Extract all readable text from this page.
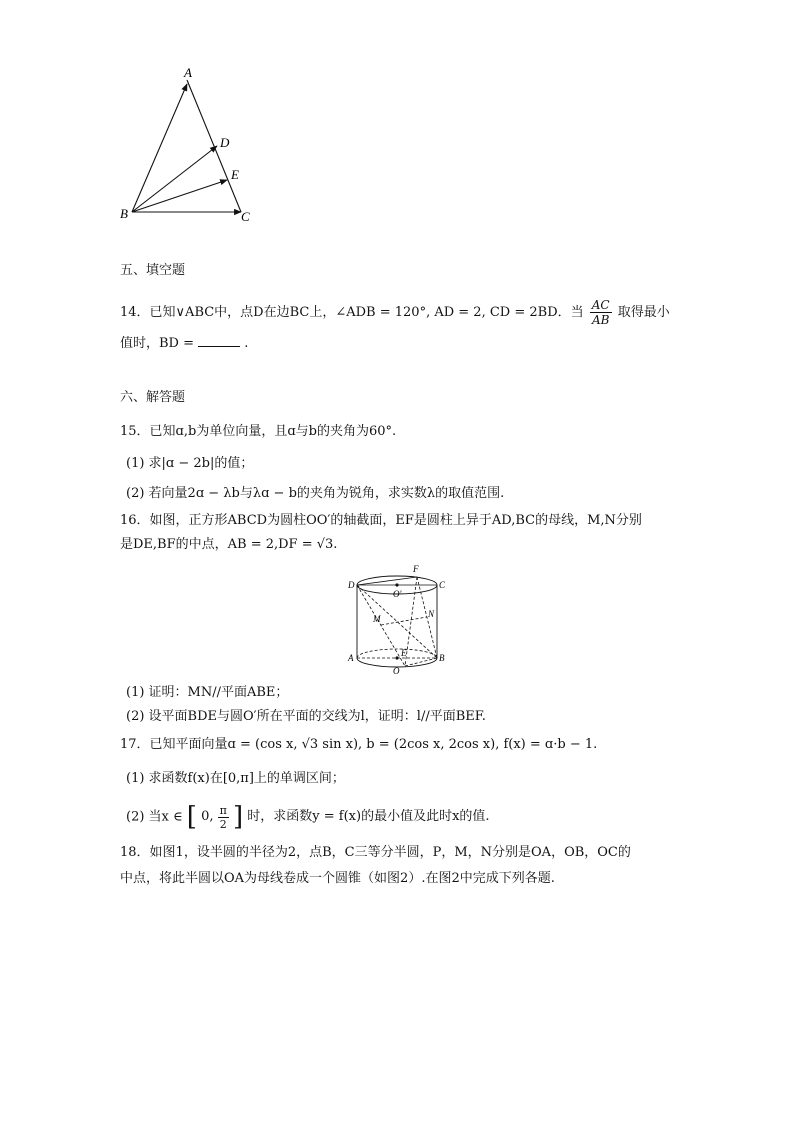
A
B	C
D
E
五、填空题
14．已知∨ABC中，点D在边BC上，∠ADB = 120°, AD = 2, CD = 2BD．当 $\frac{AC}{AB}$ 取得最小
值时，BD =	.
六、解答题
15．已知ɑ,b为单位向量，且ɑ与b的夹角为60°.
(1) 求|ɑ − 2b|的值；
(2) 若向量2ɑ − λb与λɑ − b的夹角为锐角，求实数λ的取值范围.
16．如图，正方形ABCD为圆柱OO′的轴截面，EF是圆柱上异于AD,BC的母线，M,N分别
是DE,BF的中点，AB = 2,DF = √3.
D	C
F
O′
M	N
A	B
E
O
(1) 证明：MN//平面ABE；
(2) 设平面BDE与圆O′所在平面的交线为l，证明：l//平面BEF.
17．已知平面向量ɑ = (cos x, √3 sin x), b = (2cos x, 2cos x), f(x) = ɑ·b − 1.
(1) 求函数f(x)在[0,π]上的单调区间；
(2) 当x ∈ [ 0, $\frac{\pi}{2}$ ] 时，求函数y = f(x)的最小值及此时x的值.
18．如图1，设半圆的半径为2，点B，C三等分半圆，P，M，N分别是OA，OB，OC的
中点，将此半圆以OA为母线卷成一个圆锥（如图2）.在图2中完成下列各题.
